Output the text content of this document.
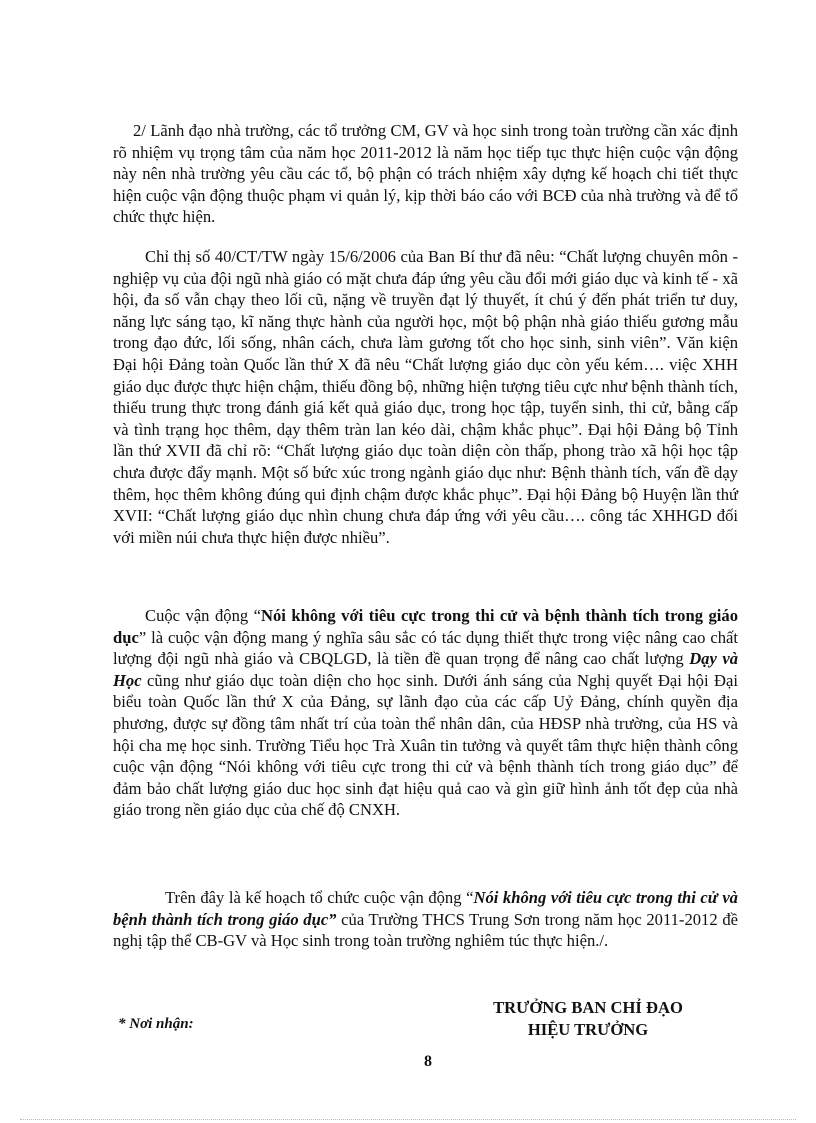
2/ Lãnh đạo nhà trường, các tổ trưởng CM, GV và học sinh trong toàn trường cần xác định rõ nhiệm vụ trọng tâm của năm học 2011-2012 là năm học tiếp tục thực hiện cuộc vận động này nên nhà trường yêu cầu các tổ, bộ phận có trách nhiệm xây dựng kế hoạch chi tiết thực hiện cuộc vận động thuộc phạm vi quản lý, kịp thời báo cáo với BCĐ của nhà trường và để tổ chức thực hiện.

Chỉ thị số 40/CT/TW ngày 15/6/2006 của Ban Bí thư đã nêu: “Chất lượng chuyên môn - nghiệp vụ của đội ngũ nhà giáo có mặt chưa đáp ứng yêu cầu đổi mới giáo dục và kinh tế - xã hội, đa số vẫn chạy theo lối cũ, nặng về truyền đạt lý thuyết, ít chú ý đến phát triển tư duy, năng lực sáng tạo, kĩ năng thực hành của người học, một bộ phận nhà giáo thiếu gương mẫu trong đạo đức, lối sống, nhân cách, chưa làm gương tốt cho học sinh, sinh viên”. Văn kiện Đại hội Đảng toàn Quốc lần thứ X đã nêu “Chất lượng giáo dục còn yếu kém…. việc XHH giáo dục được thực hiện chậm, thiếu đồng bộ, những hiện tượng tiêu cực như bệnh thành tích, thiếu trung thực trong đánh giá kết quả giáo dục, trong học tập, tuyển sinh, thi cử, bằng cấp và tình trạng học thêm, dạy thêm tràn lan kéo dài, chậm khắc phục”. Đại hội Đảng bộ Tỉnh lần thứ XVII đã chỉ rõ: “Chất lượng giáo dục toàn diện còn thấp, phong trào xã hội học tập chưa được đẩy mạnh. Một số bức xúc trong ngành giáo dục như: Bệnh thành tích, vấn đề dạy thêm, học thêm không đúng qui định chậm được khắc phục”. Đại hội Đảng bộ Huyện lần thứ XVII: “Chất lượng giáo dục nhìn chung chưa đáp ứng với yêu cầu…. công tác XHHGD đối với miền núi chưa thực hiện được nhiều”.

Cuộc vận động “Nói không với tiêu cực trong thi cử và bệnh thành tích trong giáo dục” là cuộc vận động mang ý nghĩa sâu sắc có tác dụng thiết thực trong việc nâng cao chất lượng đội ngũ nhà giáo và CBQLGD, là tiền đề quan trọng để nâng cao chất lượng Dạy và Học cũng như giáo dục toàn diện cho học sinh. Dưới ánh sáng của Nghị quyết Đại hội Đại biểu toàn Quốc lần thứ X của Đảng, sự lãnh đạo của các cấp Uỷ Đảng, chính quyền địa phương, được sự đồng tâm nhất trí của toàn thể nhân dân, của HĐSP nhà trường, của HS và hội cha mẹ học sinh. Trường Tiểu học Trà Xuân tin tưởng và quyết tâm thực hiện thành công cuộc vận động “Nói không với tiêu cực trong thi cử và bệnh thành tích trong giáo dục” để đảm bảo chất lượng giáo duc học sinh đạt hiệu quả cao và gìn giữ hình ảnh tốt đẹp của nhà giáo trong nền giáo dục của chế độ CNXH.

Trên đây là kế hoạch tổ chức cuộc vận động “Nói không với tiêu cực trong thi cử và bệnh thành tích trong giáo dục” của Trường THCS Trung Sơn trong năm học 2011-2012 đề nghị tập thể CB-GV và Học sinh trong toàn trường nghiêm túc thực hiện./.

TRƯỞNG BAN CHỈ ĐẠO
HIỆU TRƯỞNG
* Nơi nhận:
8
